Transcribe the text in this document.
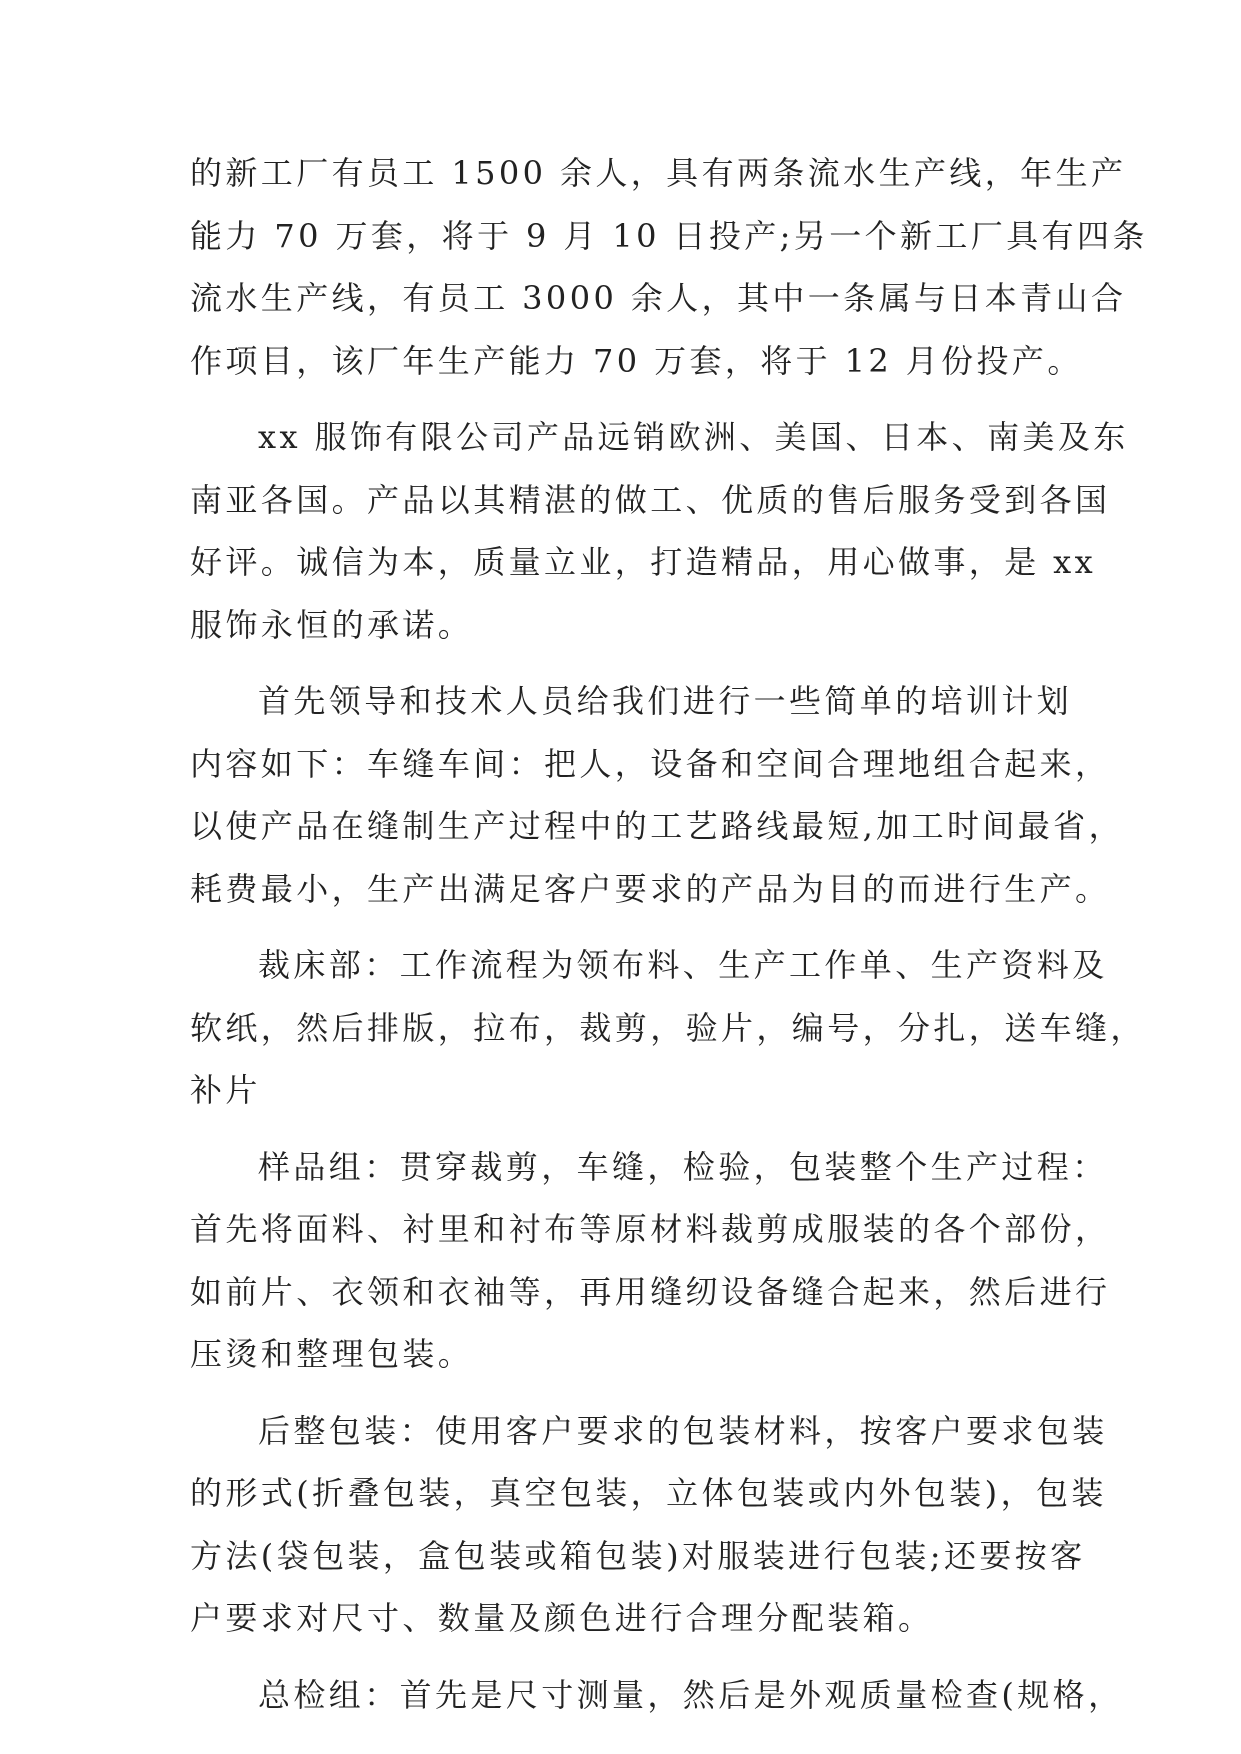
的新工厂有员工 1500 余人，具有两条流水生产线，年生产
能力 70 万套，将于 9 月 10 日投产;另一个新工厂具有四条
流水生产线，有员工 3000 余人，其中一条属与日本青山合
作项目，该厂年生产能力 70 万套，将于 12 月份投产。
xx 服饰有限公司产品远销欧洲、美国、日本、南美及东
南亚各国。产品以其精湛的做工、优质的售后服务受到各国
好评。诚信为本，质量立业，打造精品，用心做事，是 xx
服饰永恒的承诺。
首先领导和技术人员给我们进行一些简单的培训计划
内容如下：车缝车间：把人，设备和空间合理地组合起来，
以使产品在缝制生产过程中的工艺路线最短,加工时间最省，
耗费最小，生产出满足客户要求的产品为目的而进行生产。
裁床部：工作流程为领布料、生产工作单、生产资料及
软纸，然后排版，拉布，裁剪，验片，编号，分扎，送车缝，
补片
样品组：贯穿裁剪，车缝，检验，包装整个生产过程：
首先将面料、衬里和衬布等原材料裁剪成服装的各个部份，
如前片、衣领和衣袖等，再用缝纫设备缝合起来，然后进行
压烫和整理包装。
后整包装：使用客户要求的包装材料，按客户要求包装
的形式(折叠包装，真空包装，立体包装或内外包装)，包装
方法(袋包装，盒包装或箱包装)对服装进行包装;还要按客
户要求对尺寸、数量及颜色进行合理分配装箱。
总检组：首先是尺寸测量，然后是外观质量检查(规格，
